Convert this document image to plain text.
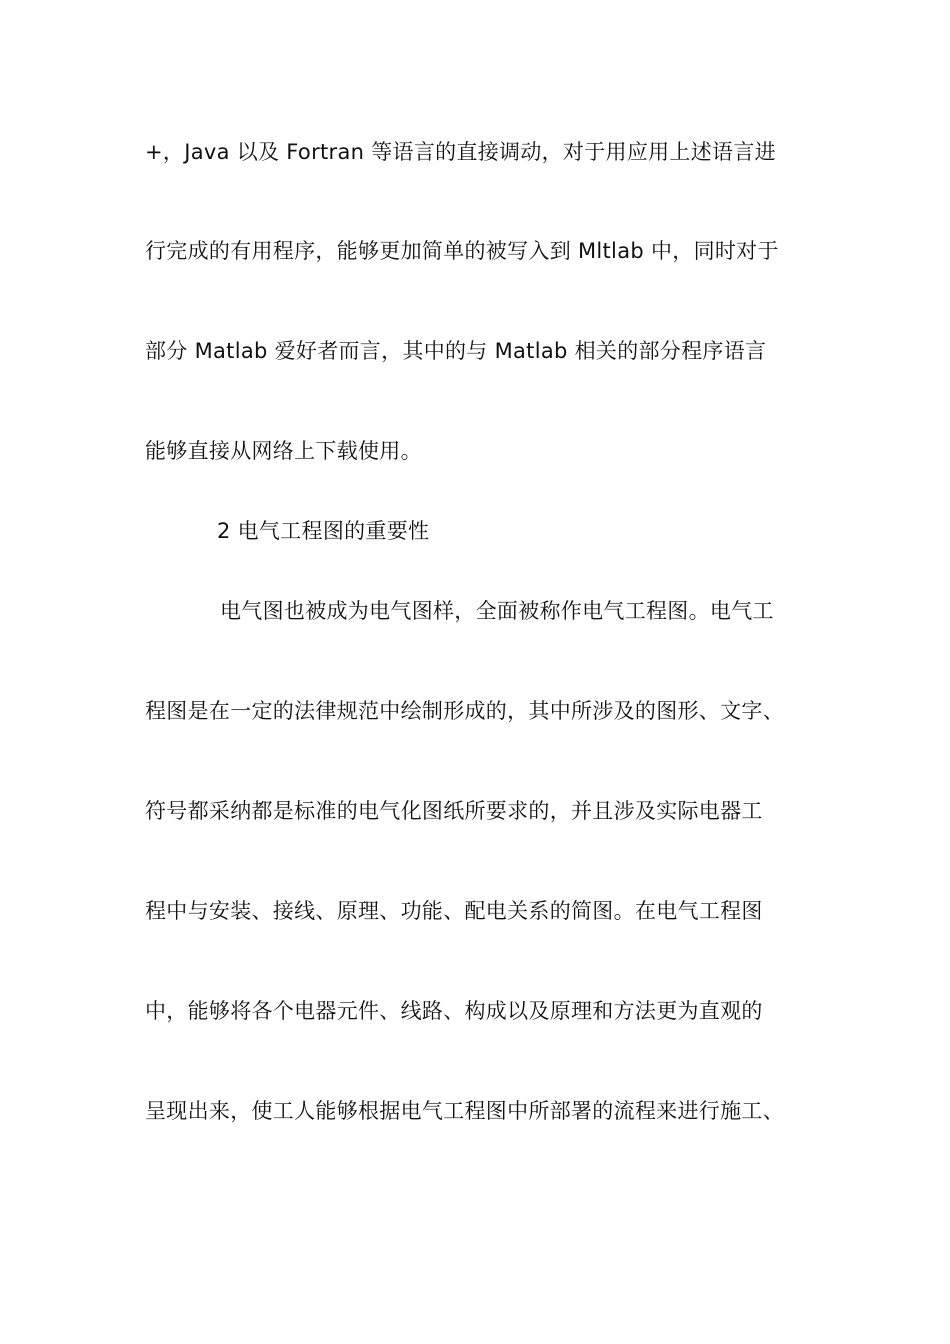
+，Java 以及 Fortran 等语言的直接调动，对于用应用上述语言进
行完成的有用程序，能够更加简单的被写入到 Mltlab 中，同时对于
部分 Matlab 爱好者而言，其中的与 Matlab 相关的部分程序语言
能够直接从网络上下载使用。
2 电气工程图的重要性
电气图也被成为电气图样，全面被称作电气工程图。电气工
程图是在一定的法律规范中绘制形成的，其中所涉及的图形、文字、
符号都采纳都是标准的电气化图纸所要求的，并且涉及实际电器工
程中与安装、接线、原理、功能、配电关系的简图。在电气工程图
中，能够将各个电器元件、线路、构成以及原理和方法更为直观的
呈现出来，使工人能够根据电气工程图中所部署的流程来进行施工、
